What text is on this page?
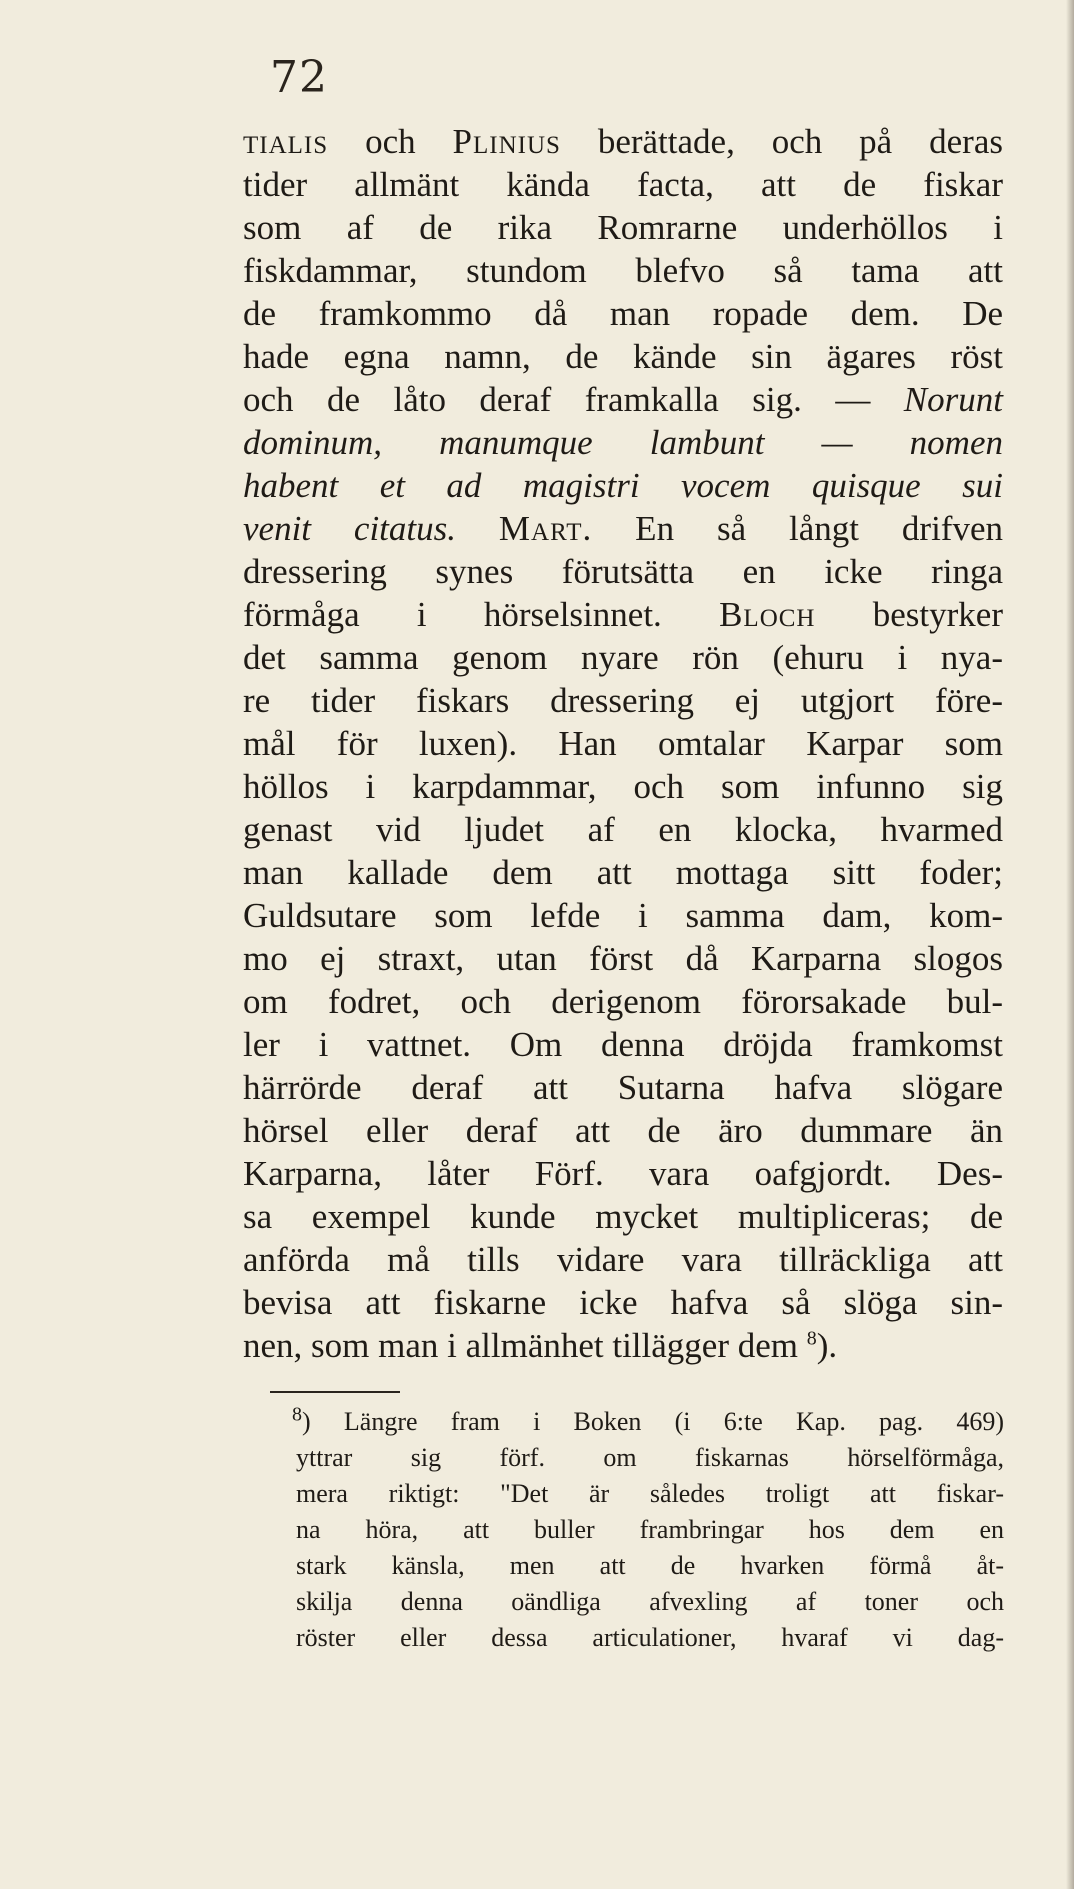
72
tialis och Plinius berättade, och på deras
tider allmänt kända facta, att de fiskar
som af de rika Romrarne underhöllos i
fiskdammar, stundom blefvo så tama att
de framkommo då man ropade dem. De
hade egna namn, de kände sin ägares röst
och de låto deraf framkalla sig. — Norunt
dominum, manumque lambunt — nomen
habent et ad magistri vocem quisque sui
venit citatus. Mart. En så långt drifven
dressering synes förutsätta en icke ringa
förmåga i hörselsinnet. Bloch bestyrker
det samma genom nyare rön (ehuru i nya-
re tider fiskars dressering ej utgjort före-
mål för luxen). Han omtalar Karpar som
höllos i karpdammar, och som infunno sig
genast vid ljudet af en klocka, hvarmed
man kallade dem att mottaga sitt foder;
Guldsutare som lefde i samma dam, kom-
mo ej straxt, utan först då Karparna slogos
om fodret, och derigenom förorsakade bul-
ler i vattnet. Om denna dröjda framkomst
härrörde deraf att Sutarna hafva slögare
hörsel eller deraf att de äro dummare än
Karparna, låter Förf. vara oafgjordt. Des-
sa exempel kunde mycket multipliceras; de
anförda må tills vidare vara tillräckliga att
bevisa att fiskarne icke hafva så slöga sin-
nen, som man i allmänhet tillägger dem $^8$).
$^8$) Längre fram i Boken (i 6:te Kap. pag. 469)
yttrar sig förf. om fiskarnas hörselförmåga,
mera riktigt: "Det är således troligt att fiskar-
na höra, att buller frambringar hos dem en
stark känsla, men att de hvarken förmå åt-
skilja denna oändliga afvexling af toner och
röster eller dessa articulationer, hvaraf vi dag-
